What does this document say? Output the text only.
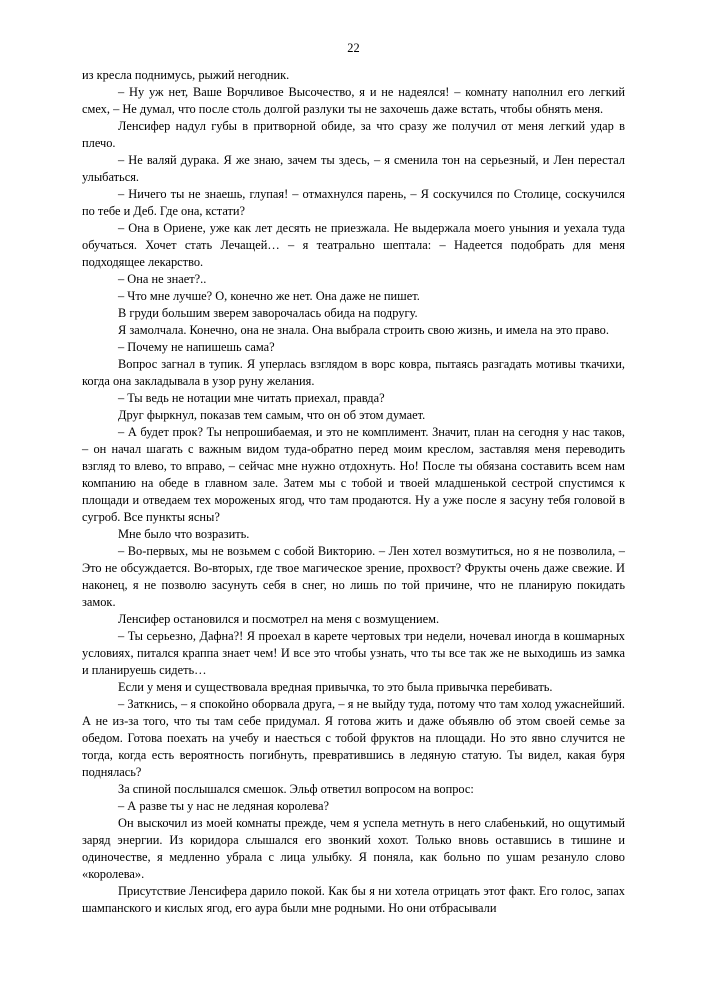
22

из кресла поднимусь, рыжий негодник.

– Ну уж нет, Ваше Ворчливое Высочество, я и не надеялся! – комнату наполнил его легкий смех, – Не думал, что после столь долгой разлуки ты не захочешь даже встать, чтобы обнять меня.

Ленсифер надул губы в притворной обиде, за что сразу же получил от меня легкий удар в плечо.

– Не валяй дурака. Я же знаю, зачем ты здесь, – я сменила тон на серьезный, и Лен перестал улыбаться.

– Ничего ты не знаешь, глупая! – отмахнулся парень, – Я соскучился по Столице, соскучился по тебе и Деб. Где она, кстати?

– Она в Ориене, уже как лет десять не приезжала. Не выдержала моего уныния и уехала туда обучаться. Хочет стать Лечащей… – я театрально шептала: – Надеется подобрать для меня подходящее лекарство.

– Она не знает?..

– Что мне лучше? О, конечно же нет. Она даже не пишет.

В груди большим зверем заворочалась обида на подругу.

Я замолчала. Конечно, она не знала. Она выбрала строить свою жизнь, и имела на это право.

– Почему не напишешь сама?

Вопрос загнал в тупик. Я уперлась взглядом в ворс ковра, пытаясь разгадать мотивы ткачихи, когда она закладывала в узор руну желания.

– Ты ведь не нотации мне читать приехал, правда?

Друг фыркнул, показав тем самым, что он об этом думает.

– А будет прок? Ты непрошибаемая, и это не комплимент. Значит, план на сегодня у нас таков, – он начал шагать с важным видом туда-обратно перед моим креслом, заставляя меня переводить взгляд то влево, то вправо, – сейчас мне нужно отдохнуть. Но! После ты обязана составить всем нам компанию на обеде в главном зале. Затем мы с тобой и твоей младшенькой сестрой спустимся к площади и отведаем тех мороженых ягод, что там продаются. Ну а уже после я засуну тебя головой в сугроб. Все пункты ясны?

Мне было что возразить.

– Во-первых, мы не возьмем с собой Викторию. – Лен хотел возмутиться, но я не позволила, – Это не обсуждается. Во-вторых, где твое магическое зрение, прохвост? Фрукты очень даже свежие. И наконец, я не позволю засунуть себя в снег, но лишь по той причине, что не планирую покидать замок.

Ленсифер остановился и посмотрел на меня с возмущением.

– Ты серьезно, Дафна?! Я проехал в карете чертовых три недели, ночевал иногда в кошмарных условиях, питался краппа знает чем! И все это чтобы узнать, что ты все так же не выходишь из замка и планируешь сидеть…

Если у меня и существовала вредная привычка, то это была привычка перебивать.

– Заткнись, – я спокойно оборвала друга, – я не выйду туда, потому что там холод ужаснейший. А не из-за того, что ты там себе придумал. Я готова жить и даже объявлю об этом своей семье за обедом. Готова поехать на учебу и наесться с тобой фруктов на площади. Но это явно случится не тогда, когда есть вероятность погибнуть, превратившись в ледяную статую. Ты видел, какая буря поднялась?

За спиной послышался смешок. Эльф ответил вопросом на вопрос:

– А разве ты у нас не ледяная королева?

Он выскочил из моей комнаты прежде, чем я успела метнуть в него слабенький, но ощутимый заряд энергии. Из коридора слышался его звонкий хохот. Только вновь оставшись в тишине и одиночестве, я медленно убрала с лица улыбку. Я поняла, как больно по ушам резануло слово «королева».

Присутствие Ленсифера дарило покой. Как бы я ни хотела отрицать этот факт. Его голос, запах шампанского и кислых ягод, его аура были мне родными. Но они отбрасывали
